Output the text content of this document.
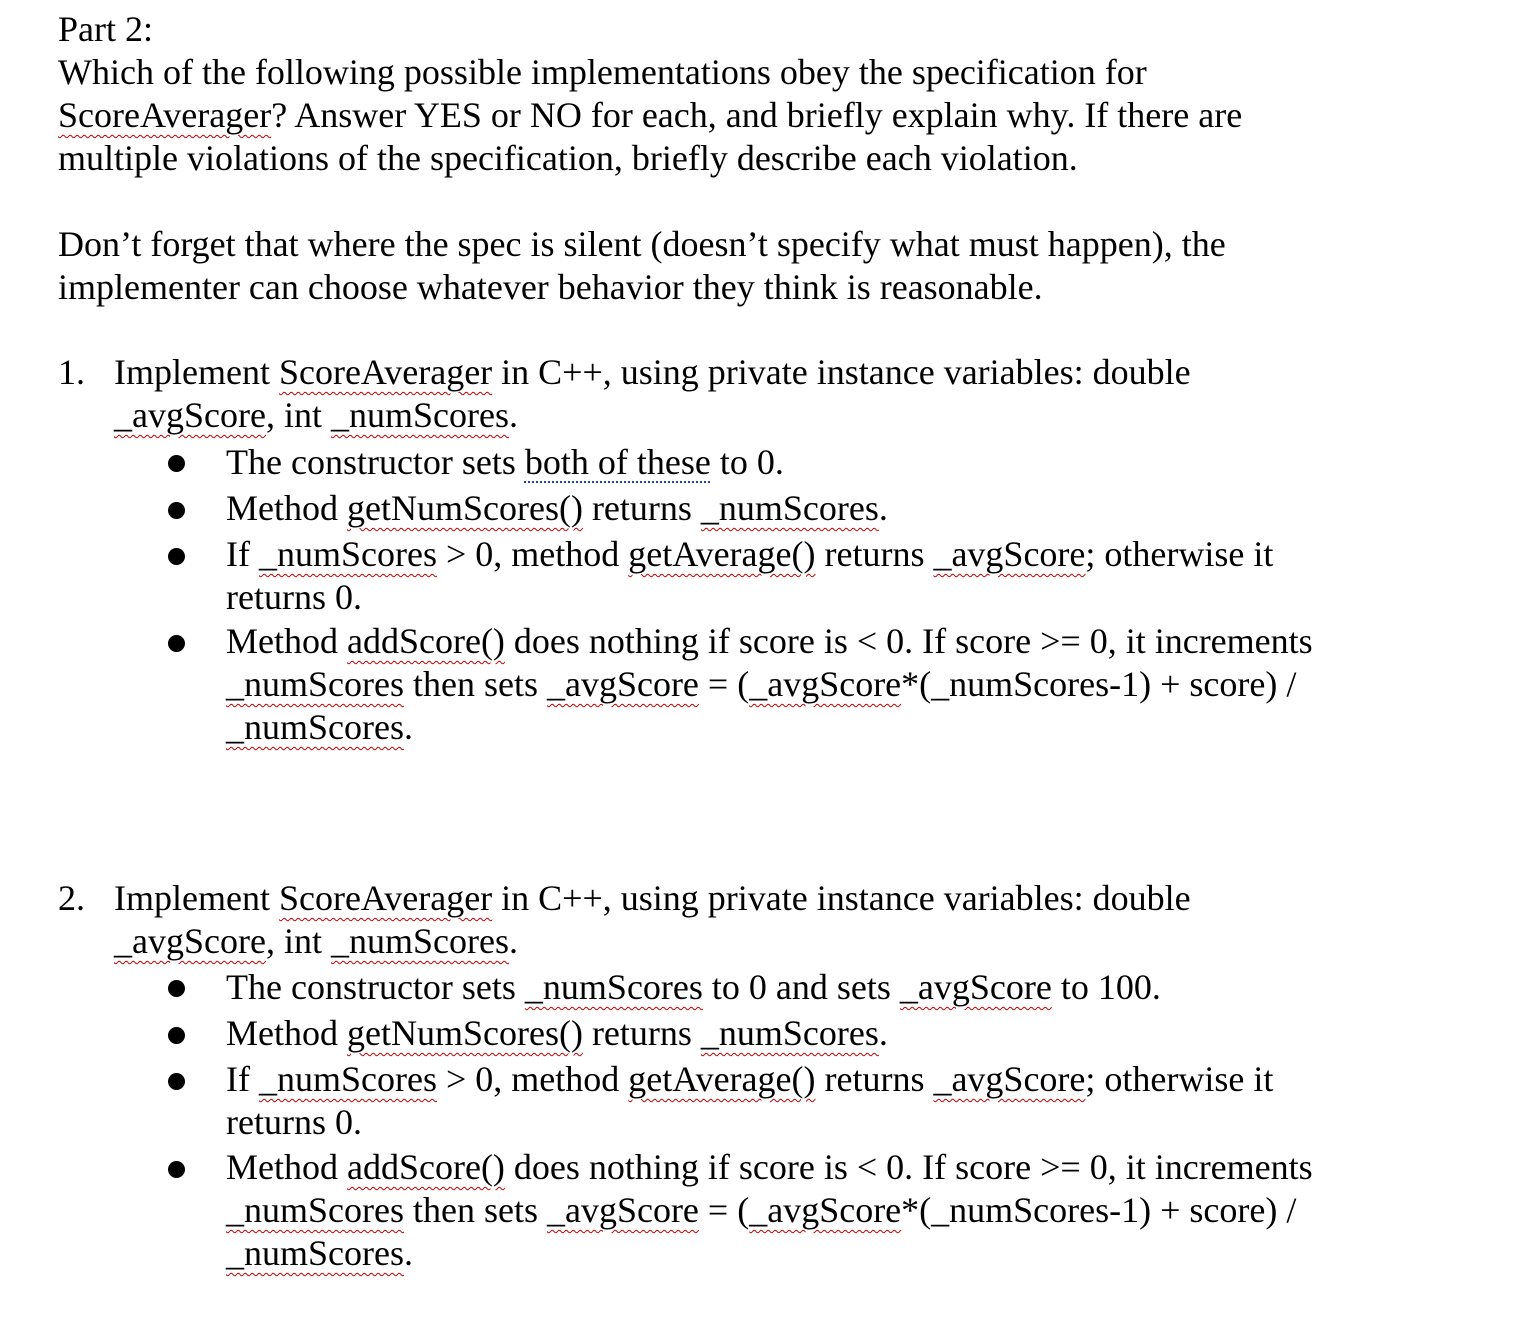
Part 2:
Which of the following possible implementations obey the specification for
ScoreAverager? Answer YES or NO for each, and briefly explain why. If there are
multiple violations of the specification, briefly describe each violation.
Don’t forget that where the spec is silent (doesn’t specify what must happen), the
implementer can choose whatever behavior they think is reasonable.
1. Implement ScoreAverager in C++, using private instance variables: double
_avgScore, int _numScores.
The constructor sets both of these to 0.
Method getNumScores() returns _numScores.
If _numScores > 0, method getAverage() returns _avgScore; otherwise it
returns 0.
Method addScore() does nothing if score is < 0. If score >= 0, it increments
_numScores then sets _avgScore = (_avgScore*(_numScores-1) + score) /
_numScores.
2. Implement ScoreAverager in C++, using private instance variables: double
_avgScore, int _numScores.
The constructor sets _numScores to 0 and sets _avgScore to 100.
Method getNumScores() returns _numScores.
If _numScores > 0, method getAverage() returns _avgScore; otherwise it
returns 0.
Method addScore() does nothing if score is < 0. If score >= 0, it increments
_numScores then sets _avgScore = (_avgScore*(_numScores-1) + score) /
_numScores.
